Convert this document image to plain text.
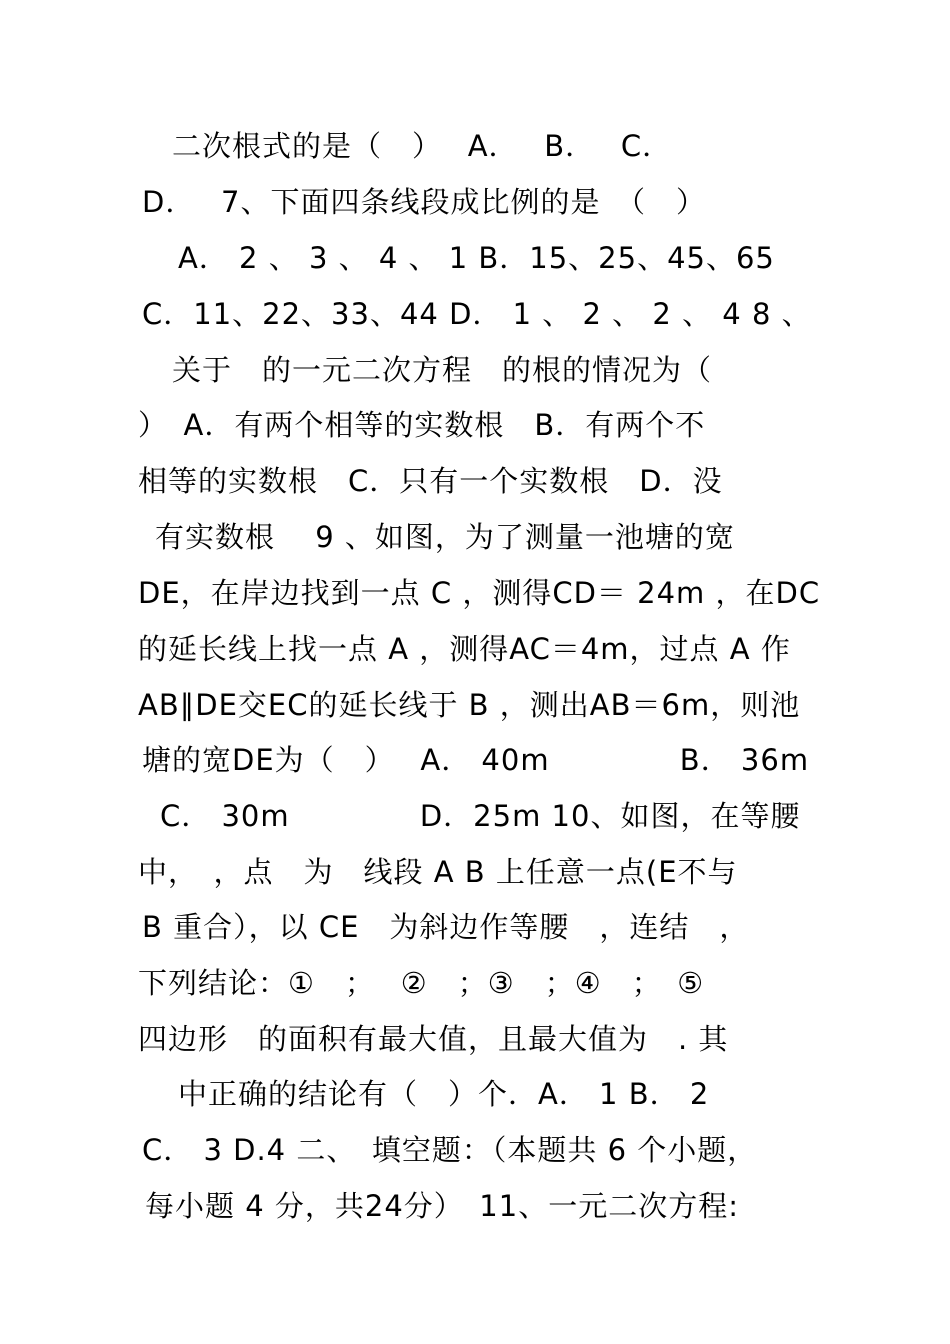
二次根式的是（　）　 A．　 B．　 C．
D．　 7、下面四条线段成比例的是　（　）
A． 2 、 3 、 4 、 1 B．15、25、45、65
C．11、22、33、44 D． 1 、 2 、 2 、 4 8 、
关于　的一元二次方程　的根的情况为（
）　A．有两个相等的实数根　B．有两个不
相等的实数根　C．只有一个实数根　D．没
有实数根　 9 、如图，为了测量一池塘的宽
DE，在岸边找到一点 C ，测得CD＝ 24m ，在DC
的延长线上找一点 A ，测得AC＝4m，过点 A 作
AB∥DE交EC的延长线于 B ，测出AB＝6m，则池
塘的宽DE为（　）　 A． 40m　　　　 B． 36m
C． 30m　　　　 D．25m 10、如图，在等腰
中，　，点　为　线段 A B 上任意一点(E不与
B 重合），以 CE　为斜边作等腰　，连结　，
下列结论：①　；　 ②　；③　；④　；　⑤
四边形　的面积有最大值，且最大值为　. 其
中正确的结论有（　）个．A． 1 B． 2
C． 3 D.4 二、　填空题：（本题共 6 个小题，
每小题 4 分，共24分）　11、一元二次方程:
